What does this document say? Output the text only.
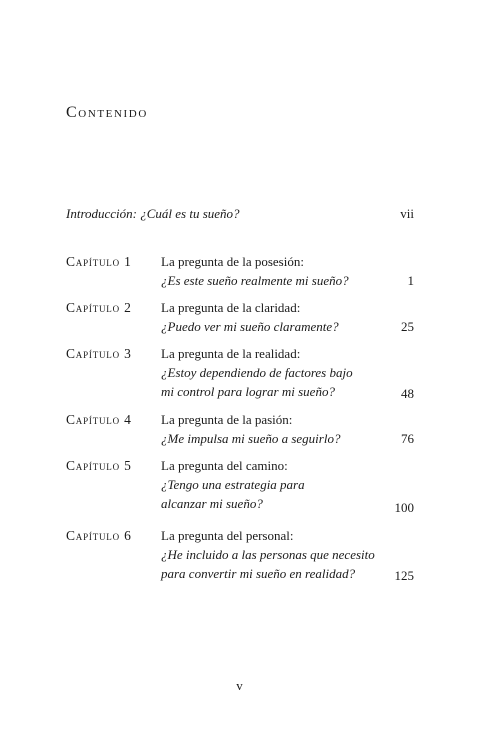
Contenido
Introducción: ¿Cuál es tu sueño?	vii
Capítulo 1 La pregunta de la posesión:
¿Es este sueño realmente mi sueño?	1
Capítulo 2 La pregunta de la claridad:
¿Puedo ver mi sueño claramente?	25
Capítulo 3 La pregunta de la realidad:
¿Estoy dependiendo de factores bajo
mi control para lograr mi sueño?	48
Capítulo 4 La pregunta de la pasión:
¿Me impulsa mi sueño a seguirlo?	76
Capítulo 5 La pregunta del camino:
¿Tengo una estrategia para
alcanzar mi sueño?	100
Capítulo 6 La pregunta del personal:
¿He incluido a las personas que necesito
para convertir mi sueño en realidad?	125
v
